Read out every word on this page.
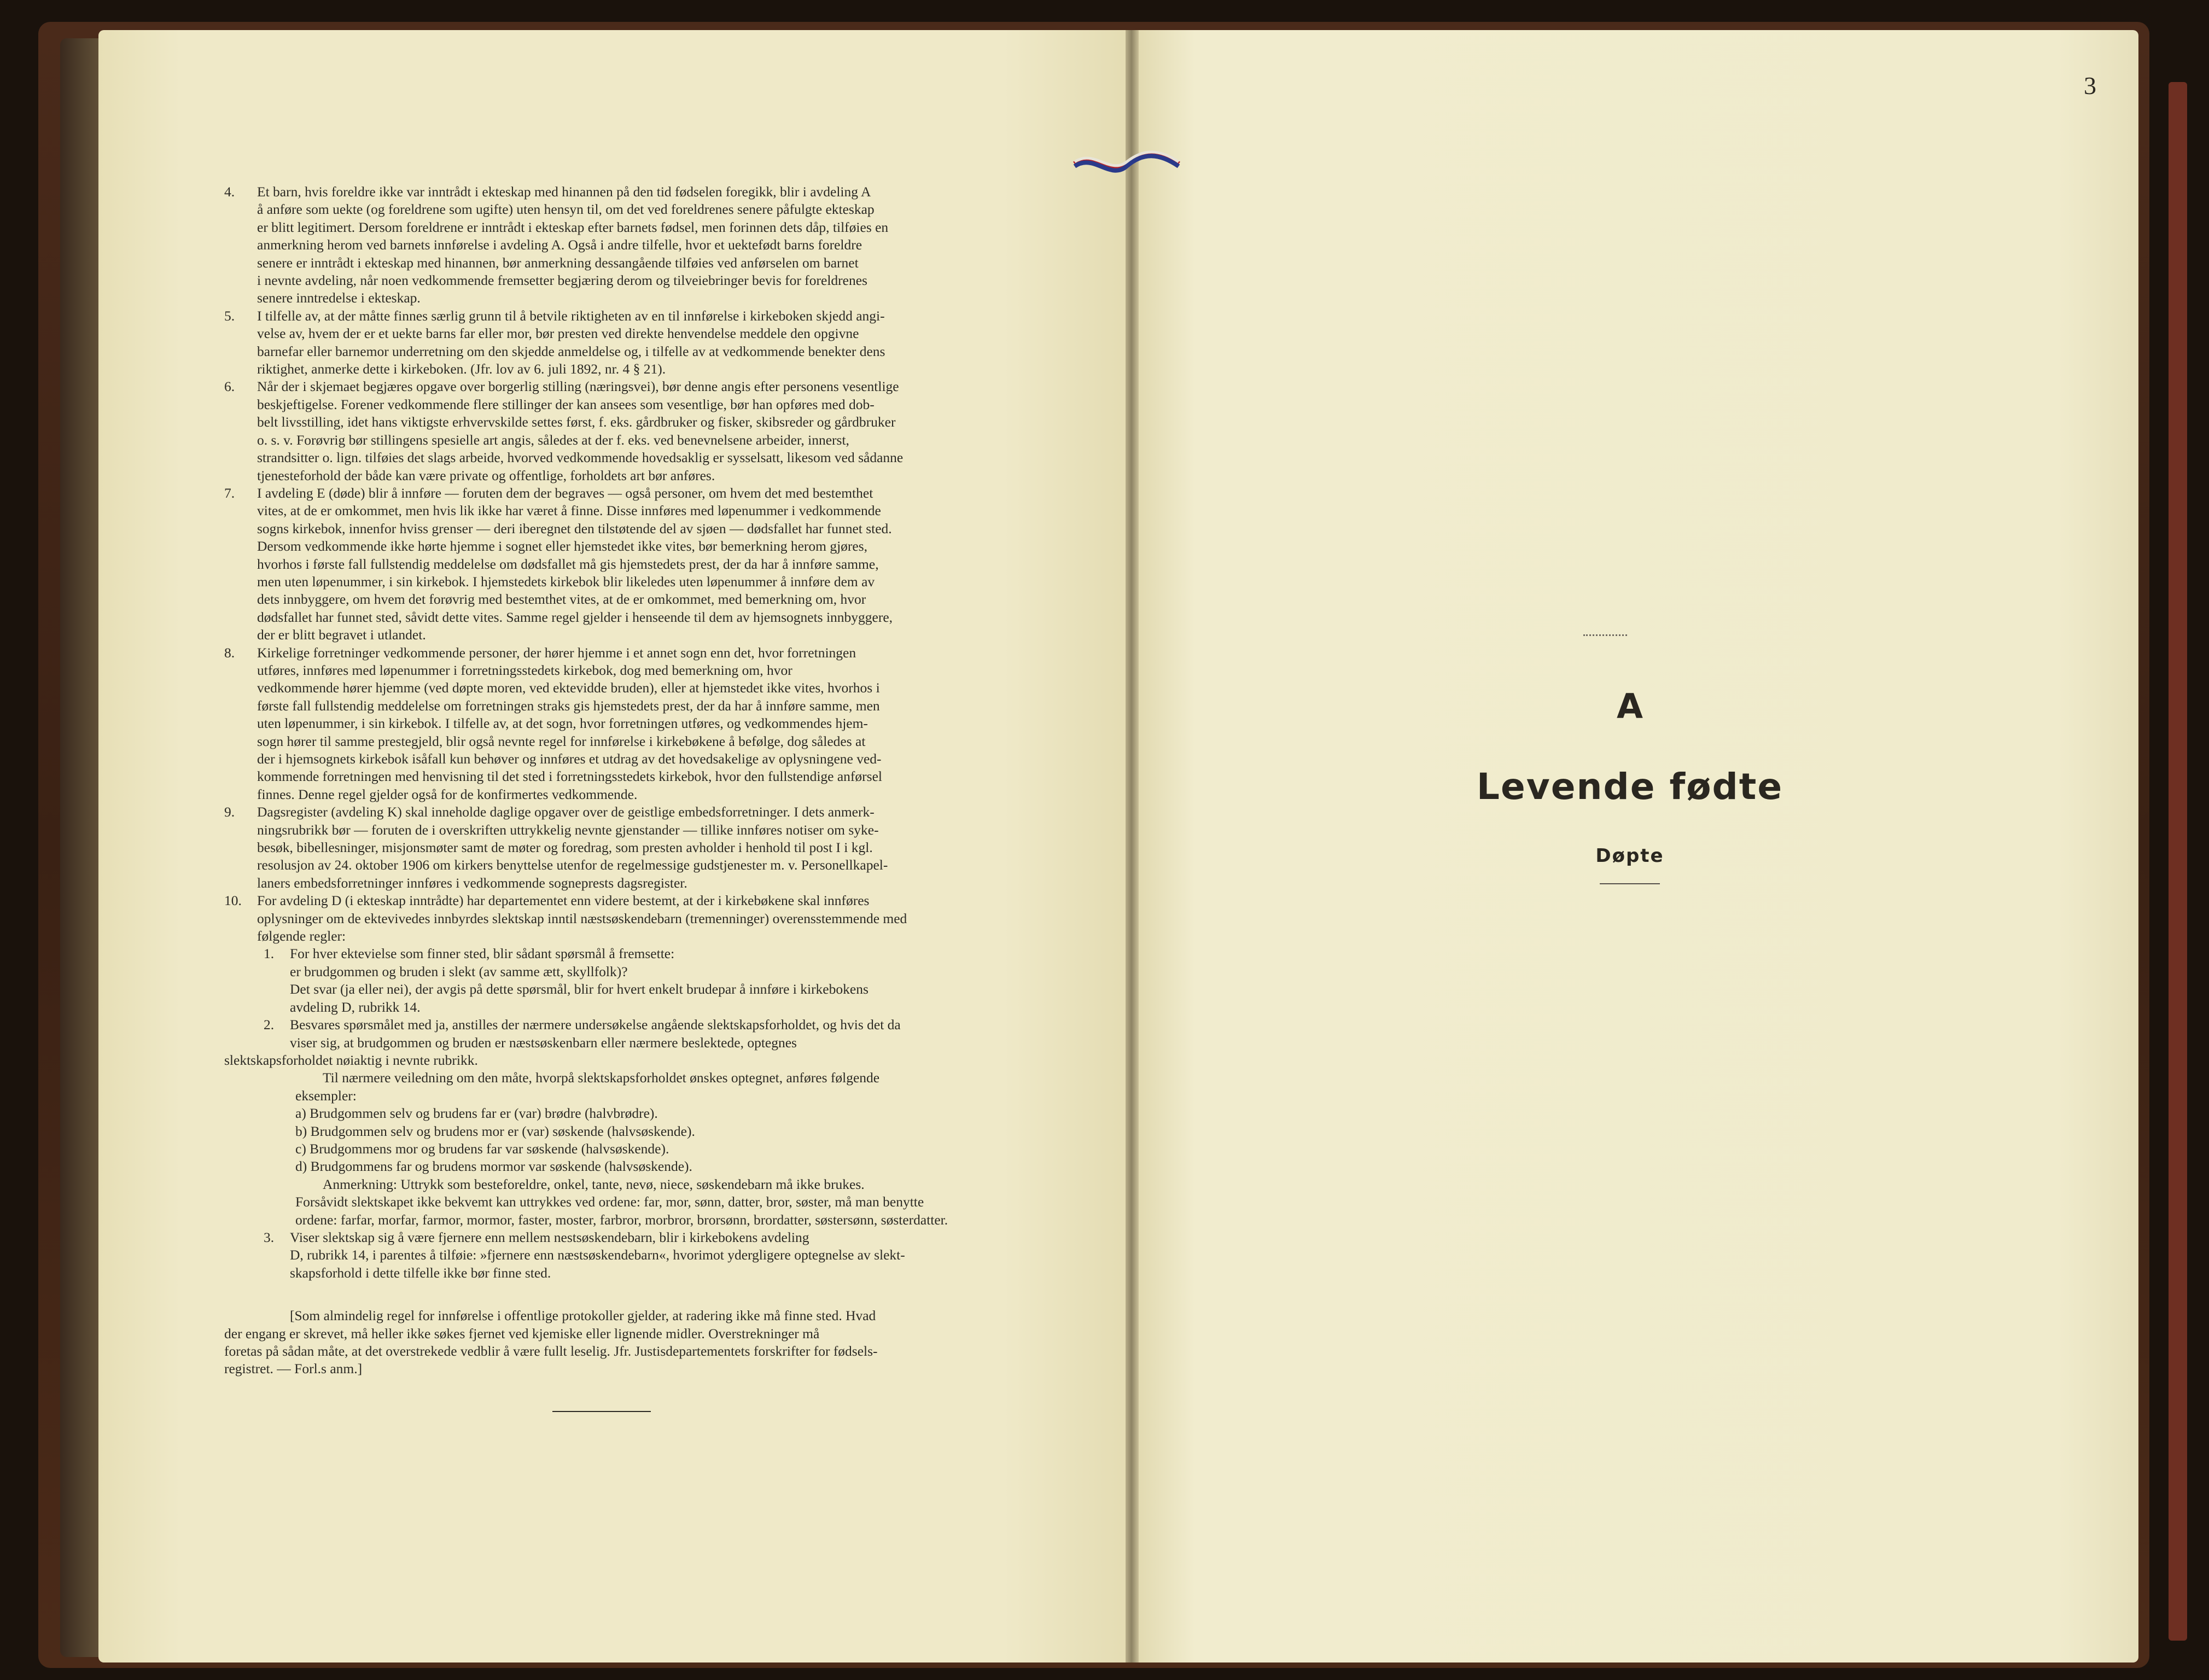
4. Et barn, hvis foreldre ikke var inntrådt i ekteskap med hinannen på den tid fødselen foregikk, blir i avdeling A
å anføre som uekte (og foreldrene som ugifte) uten hensyn til, om det ved foreldrenes senere påfulgte ekteskap
er blitt legitimert. Dersom foreldrene er inntrådt i ekteskap efter barnets fødsel, men forinnen dets dåp, tilføies en
anmerkning herom ved barnets innførelse i avdeling A. Også i andre tilfelle, hvor et uektefødt barns foreldre
senere er inntrådt i ekteskap med hinannen, bør anmerkning dessangående tilføies ved anførselen om barnet
i nevnte avdeling, når noen vedkommende fremsetter begjæring derom og tilveiebringer bevis for foreldrenes
senere inntredelse i ekteskap.
5. I tilfelle av, at der måtte finnes særlig grunn til å betvile riktigheten av en til innførelse i kirkeboken skjedd angi-
velse av, hvem der er et uekte barns far eller mor, bør presten ved direkte henvendelse meddele den opgivne
barnefar eller barnemor underretning om den skjedde anmeldelse og, i tilfelle av at vedkommende benekter dens
riktighet, anmerke dette i kirkeboken. (Jfr. lov av 6. juli 1892, nr. 4 § 21).
6. Når der i skjemaet begjæres opgave over borgerlig stilling (næringsvei), bør denne angis efter personens vesentlige
beskjeftigelse. Forener vedkommende flere stillinger der kan ansees som vesentlige, bør han opføres med dob-
belt livsstilling, idet hans viktigste erhvervskilde settes først, f. eks. gårdbruker og fisker, skibsreder og gårdbruker
o. s. v. Forøvrig bør stillingens spesielle art angis, således at der f. eks. ved benevnelsene arbeider, innerst,
strandsitter o. lign. tilføies det slags arbeide, hvorved vedkommende hovedsaklig er sysselsatt, likesom ved sådanne
tjenesteforhold der både kan være private og offentlige, forholdets art bør anføres.
7. I avdeling E (døde) blir å innføre — foruten dem der begraves — også personer, om hvem det med bestemthet
vites, at de er omkommet, men hvis lik ikke har været å finne. Disse innføres med løpenummer i vedkommende
sogns kirkebok, innenfor hviss grenser — deri iberegnet den tilstøtende del av sjøen — dødsfallet har funnet sted.
Dersom vedkommende ikke hørte hjemme i sognet eller hjemstedet ikke vites, bør bemerkning herom gjøres,
hvorhos i første fall fullstendig meddelelse om dødsfallet må gis hjemstedets prest, der da har å innføre samme,
men uten løpenummer, i sin kirkebok. I hjemstedets kirkebok blir likeledes uten løpenummer å innføre dem av
dets innbyggere, om hvem det forøvrig med bestemthet vites, at de er omkommet, med bemerkning om, hvor
dødsfallet har funnet sted, såvidt dette vites. Samme regel gjelder i henseende til dem av hjemsognets innbyggere,
der er blitt begravet i utlandet.
8. Kirkelige forretninger vedkommende personer, der hører hjemme i et annet sogn enn det, hvor forretningen
utføres, innføres med løpenummer i forretningsstedets kirkebok, dog med bemerkning om, hvor
vedkommende hører hjemme (ved døpte moren, ved ektevidde bruden), eller at hjemstedet ikke vites, hvorhos i
første fall fullstendig meddelelse om forretningen straks gis hjemstedets prest, der da har å innføre samme, men
uten løpenummer, i sin kirkebok. I tilfelle av, at det sogn, hvor forretningen utføres, og vedkommendes hjem-
sogn hører til samme prestegjeld, blir også nevnte regel for innførelse i kirkebøkene å befølge, dog således at
der i hjemsognets kirkebok isåfall kun behøver og innføres et utdrag av det hovedsakelige av oplysningene ved-
kommende forretningen med henvisning til det sted i forretningsstedets kirkebok, hvor den fullstendige anførsel
finnes. Denne regel gjelder også for de konfirmertes vedkommende.
9. Dagsregister (avdeling K) skal inneholde daglige opgaver over de geistlige embedsforretninger. I dets anmerk-
ningsrubrikk bør — foruten de i overskriften uttrykkelig nevnte gjenstander — tillike innføres notiser om syke-
besøk, bibellesninger, misjonsmøter samt de møter og foredrag, som presten avholder i henhold til post I i kgl.
resolusjon av 24. oktober 1906 om kirkers benyttelse utenfor de regelmessige gudstjenester m. v. Personellkapel-
laners embedsforretninger innføres i vedkommende sogneprests dagsregister.
10. For avdeling D (i ekteskap inntrådte) har departementet enn videre bestemt, at der i kirkebøkene skal innføres
oplysninger om de ektevivedes innbyrdes slektskap inntil næstsøskendebarn (tremenninger) overensstemmende med
følgende regler:
1. For hver ektevielse som finner sted, blir sådant spørsmål å fremsette:
er brudgommen og bruden i slekt (av samme ætt, skyllfolk)?
Det svar (ja eller nei), der avgis på dette spørsmål, blir for hvert enkelt brudepar å innføre i kirkebokens
avdeling D, rubrikk 14.
2. Besvares spørsmålet med ja, anstilles der nærmere undersøkelse angående slektskapsforholdet, og hvis det da
viser sig, at brudgommen og bruden er næstsøskenbarn eller nærmere beslektede, optegnes
slektskapsforholdet nøiaktig i nevnte rubrikk.
Til nærmere veiledning om den måte, hvorpå slektskapsforholdet ønskes optegnet, anføres følgende
eksempler:
a) Brudgommen selv og brudens far er (var) brødre (halvbrødre).
b) Brudgommen selv og brudens mor er (var) søskende (halvsøskende).
c) Brudgommens mor og brudens far var søskende (halvsøskende).
d) Brudgommens far og brudens mormor var søskende (halvsøskende).
Anmerkning: Uttrykk som besteforeldre, onkel, tante, nevø, niece, søskendebarn må ikke brukes.
Forsåvidt slektskapet ikke bekvemt kan uttrykkes ved ordene: far, mor, sønn, datter, bror, søster, må man benytte
ordene: farfar, morfar, farmor, mormor, faster, moster, farbror, morbror, brorsønn, brordatter, søstersønn, søsterdatter.
3. Viser slektskap sig å være fjernere enn mellem nestsøskendebarn, blir i kirkebokens avdeling
D, rubrikk 14, i parentes å tilføie: »fjernere enn næstsøskendebarn«, hvorimot ydergligere optegnelse av slekt-
skapsforhold i dette tilfelle ikke bør finne sted.
[Som almindelig regel for innførelse i offentlige protokoller gjelder, at radering ikke må finne sted. Hvad
der engang er skrevet, må heller ikke søkes fjernet ved kjemiske eller lignende midler. Overstrekninger må
foretas på sådan måte, at det overstrekede vedblir å være fullt leselig. Jfr. Justisdepartementets forskrifter for fødsels-
registret. — Forl.s anm.]
3
A
Levende fødte
Døpte
